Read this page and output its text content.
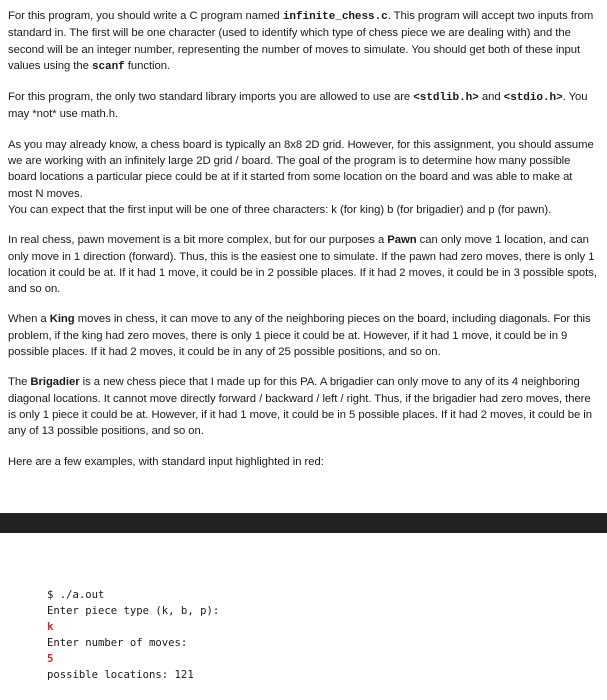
For this program, you should write a C program named infinite_chess.c. This program will accept two inputs from standard in. The first will be one character (used to identify which type of chess piece we are dealing with) and the second will be an integer number, representing the number of moves to simulate. You should get both of these input values using the scanf function.

For this program, the only two standard library imports you are allowed to use are <stdlib.h> and <stdio.h>. You may *not* use math.h.

As you may already know, a chess board is typically an 8x8 2D grid. However, for this assignment, you should assume we are working with an infinitely large 2D grid / board. The goal of the program is to determine how many possible board locations a particular piece could be at if it started from some location on the board and was able to make at most N moves.
You can expect that the first input will be one of three characters: k (for king) b (for brigadier) and p (for pawn).

In real chess, pawn movement is a bit more complex, but for our purposes a Pawn can only move 1 location, and can only move in 1 direction (forward). Thus, this is the easiest one to simulate. If the pawn had zero moves, there is only 1 location it could be at. If it had 1 move, it could be in 2 possible places. If it had 2 moves, it could be in 3 possible spots, and so on.

When a King moves in chess, it can move to any of the neighboring pieces on the board, including diagonals. For this problem, if the king had zero moves, there is only 1 piece it could be at. However, if it had 1 move, it could be in 9 possible places. If it had 2 moves, it could be in any of 25 possible positions, and so on.

The Brigadier is a new chess piece that I made up for this PA. A brigadier can only move to any of its 4 neighboring diagonal locations. It cannot move directly forward / backward / left / right. Thus, if the brigadier had zero moves, there is only 1 piece it could be at. However, if it had 1 move, it could be in 5 possible places. If it had 2 moves, it could be in any of 13 possible positions, and so on.

Here are a few examples, with standard input highlighted in red:

$ ./a.out
Enter piece type (k, b, p):
k
Enter number of moves:
5
possible locations: 121
